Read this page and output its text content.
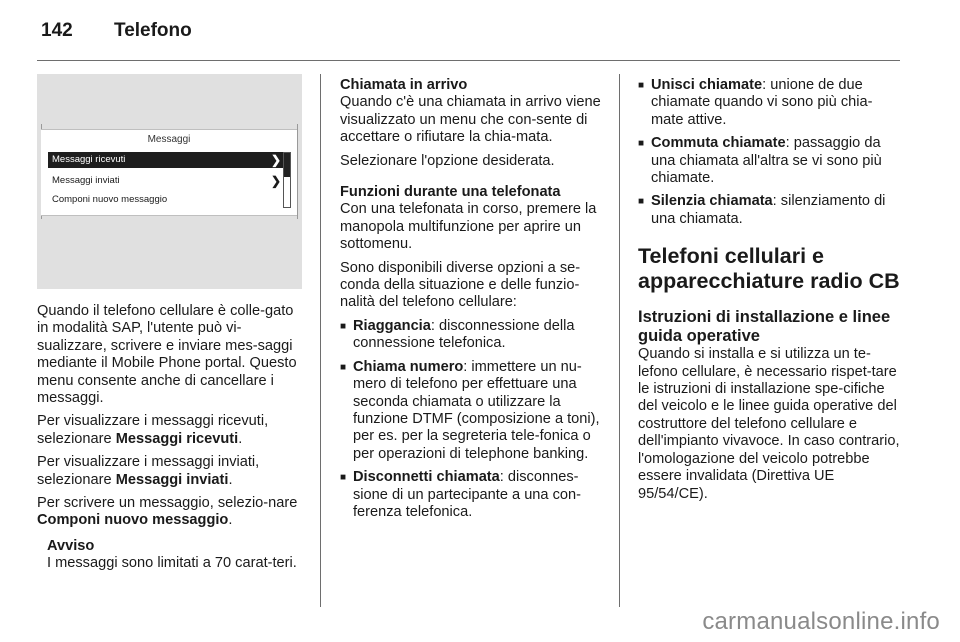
142 Telefono
Messaggi
Messaggi ricevuti	❯
Messaggi inviati	❯
Componi nuovo messaggio

Quando il telefono cellulare è colle-gato in modalità SAP, l'utente può vi-sualizzare, scrivere e inviare mes-saggi mediante il Mobile Phone portal. Questo menu consente anche di cancellare i messaggi.

Per visualizzare i messaggi ricevuti, selezionare Messaggi ricevuti.

Per visualizzare i messaggi inviati, selezionare Messaggi inviati.

Per scrivere un messaggio, selezio-nare Componi nuovo messaggio.

Avviso

I messaggi sono limitati a 70 carat-teri.

Chiamata in arrivo

Quando c'è una chiamata in arrivo viene visualizzato un menu che con-sente di accettare o rifiutare la chia-mata.

Selezionare l'opzione desiderata.

Funzioni durante una telefonata

Con una telefonata in corso, premere la manopola multifunzione per aprire un sottomenu.

Sono disponibili diverse opzioni a se-conda della situazione e delle funzio-nalità del telefono cellulare:

■ Riaggancia: disconnessione della connessione telefonica.
■ Chiama numero: immettere un nu-mero di telefono per effettuare una seconda chiamata o utilizzare la funzione DTMF (composizione a toni), per es. per la segreteria tele-fonica o per operazioni di telephone banking.
■ Disconnetti chiamata: disconnes-sione di un partecipante a una con-ferenza telefonica.
■ Unisci chiamate: unione de due chiamate quando vi sono più chia-mate attive.
■ Commuta chiamate: passaggio da una chiamata all'altra se vi sono più chiamate.
■ Silenzia chiamata: silenziamento di una chiamata.
Telefoni cellulari e apparecchiature radio CB
Istruzioni di installazione e linee guida operative

Quando si installa e si utilizza un te-lefono cellulare, è necessario rispet-tare le istruzioni di installazione spe-cifiche del veicolo e le linee guida operative del costruttore del telefono cellulare e dell'impianto vivavoce. In caso contrario, l'omologazione del veicolo potrebbe essere invalidata (Direttiva UE 95/54/CE).

carmanualsonline.info
